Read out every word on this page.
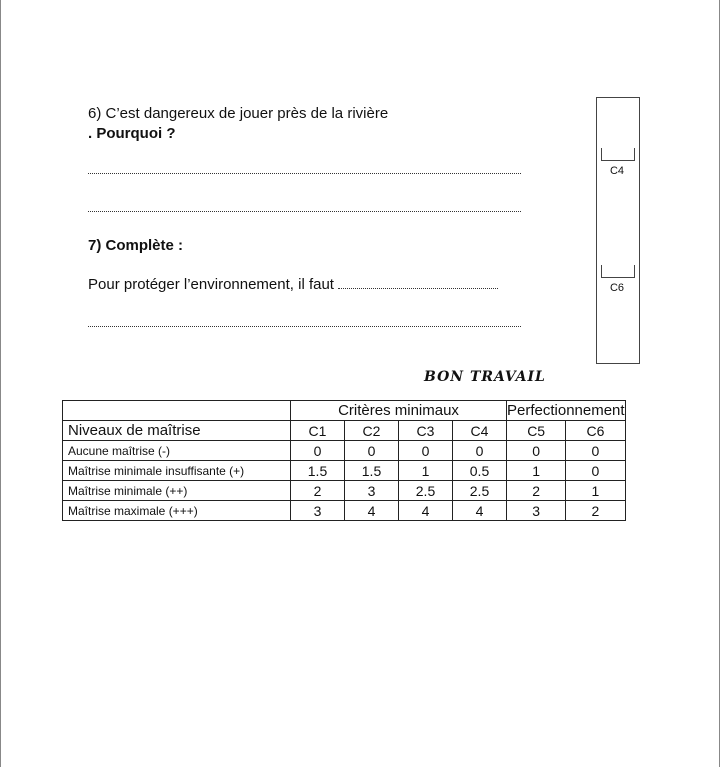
6) C’est dangereux de jouer près de la rivière
. Pourquoi ?
7) Complète :
Pour protéger l’environnement, il faut
C4
C6
BON TRAVAIL
	Critères minimaux				Perfectionnement	
Niveaux de maîtrise	C1	C2	C3	C4	C5	C6
Aucune maîtrise (-)	0	0	0	0	0	0
Maîtrise minimale insuffisante (+)	1.5	1.5	1	0.5	1	0
Maîtrise minimale (++)	2	3	2.5	2.5	2	1
Maîtrise maximale (+++)	3	4	4	4	3	2
